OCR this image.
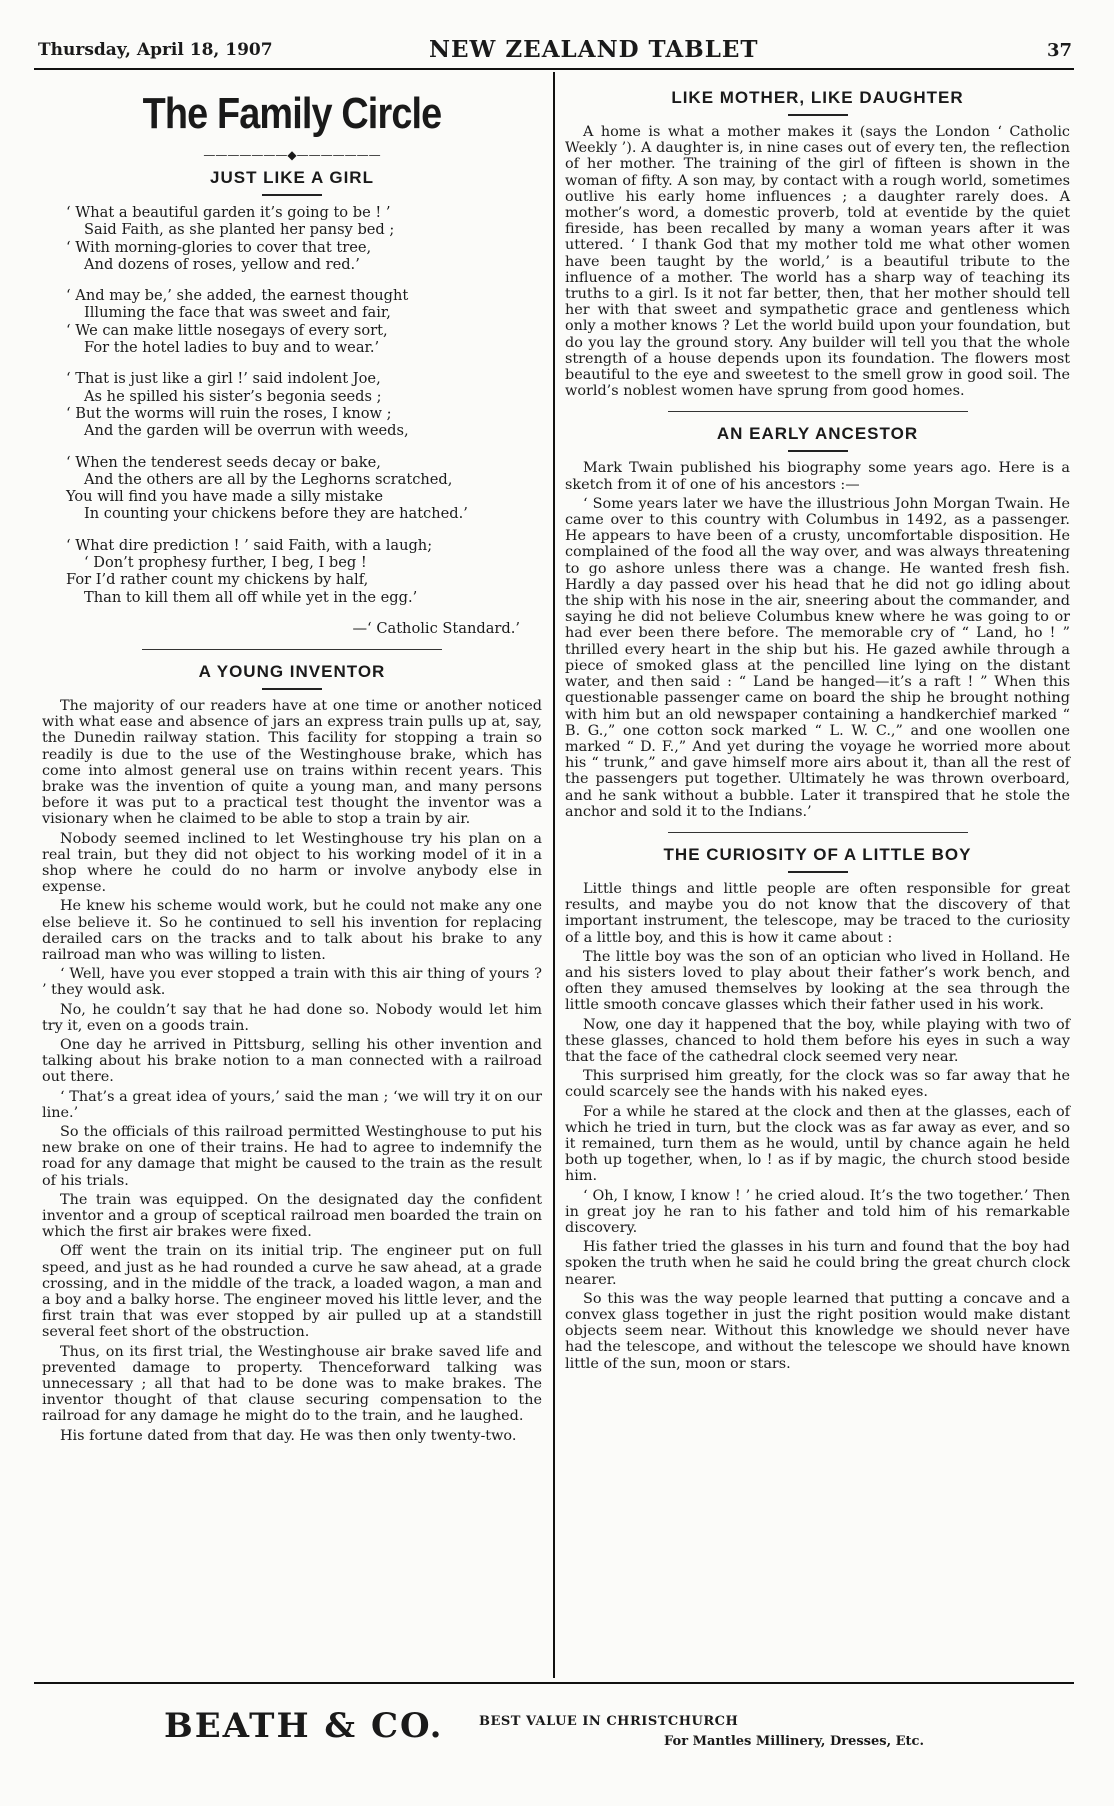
Thursday, April 18, 1907	NEW ZEALAND TABLET	37
The Family Circle
———————◆———————
JUST LIKE A GIRL
‘ What a beautiful garden it’s going to be ! ’
Said Faith, as she planted her pansy bed ;
‘ With morning-glories to cover that tree,
And dozens of roses, yellow and red.’
‘ And may be,’ she added, the earnest thought
Illuming the face that was sweet and fair,
‘ We can make little nosegays of every sort,
For the hotel ladies to buy and to wear.’
‘ That is just like a girl !’ said indolent Joe,
As he spilled his sister’s begonia seeds ;
‘ But the worms will ruin the roses, I know ;
And the garden will be overrun with weeds,
‘ When the tenderest seeds decay or bake,
And the others are all by the Leghorns scratched,
You will find you have made a silly mistake
In counting your chickens before they are hatched.’
‘ What dire prediction ! ’ said Faith, with a laugh;
‘ Don’t prophesy further, I beg, I beg !
For I’d rather count my chickens by half,
Than to kill them all off while yet in the egg.’
—‘ Catholic Standard.’
A YOUNG INVENTOR

The majority of our readers have at one time or another noticed with what ease and absence of jars an express train pulls up at, say, the Dunedin railway station. This facility for stopping a train so readily is due to the use of the Westinghouse brake, which has come into almost general use on trains within recent years. This brake was the invention of quite a young man, and many persons before it was put to a practical test thought the inventor was a visionary when he claimed to be able to stop a train by air.

Nobody seemed inclined to let Westinghouse try his plan on a real train, but they did not object to his working model of it in a shop where he could do no harm or involve anybody else in expense.

He knew his scheme would work, but he could not make any one else believe it. So he continued to sell his invention for replacing derailed cars on the tracks and to talk about his brake to any railroad man who was willing to listen.

‘ Well, have you ever stopped a train with this air thing of yours ? ’ they would ask.

No, he couldn’t say that he had done so. Nobody would let him try it, even on a goods train.

One day he arrived in Pittsburg, selling his other invention and talking about his brake notion to a man connected with a railroad out there.

‘ That’s a great idea of yours,’ said the man ; ‘we will try it on our line.’

So the officials of this railroad permitted Westinghouse to put his new brake on one of their trains. He had to agree to indemnify the road for any damage that might be caused to the train as the result of his trials.

The train was equipped. On the designated day the confident inventor and a group of sceptical railroad men boarded the train on which the first air brakes were fixed.

Off went the train on its initial trip. The engineer put on full speed, and just as he had rounded a curve he saw ahead, at a grade crossing, and in the middle of the track, a loaded wagon, a man and a boy and a balky horse. The engineer moved his little lever, and the first train that was ever stopped by air pulled up at a standstill several feet short of the obstruction.

Thus, on its first trial, the Westinghouse air brake saved life and prevented damage to property. Thenceforward talking was unnecessary ; all that had to be done was to make brakes. The inventor thought of that clause securing compensation to the railroad for any damage he might do to the train, and he laughed.

His fortune dated from that day. He was then only twenty-two.

LIKE MOTHER, LIKE DAUGHTER

A home is what a mother makes it (says the London ‘ Catholic Weekly ’). A daughter is, in nine cases out of every ten, the reflection of her mother. The training of the girl of fifteen is shown in the woman of fifty. A son may, by contact with a rough world, sometimes outlive his early home influences ; a daughter rarely does. A mother’s word, a domestic proverb, told at eventide by the quiet fireside, has been recalled by many a woman years after it was uttered. ‘ I thank God that my mother told me what other women have been taught by the world,’ is a beautiful tribute to the influence of a mother. The world has a sharp way of teaching its truths to a girl. Is it not far better, then, that her mother should tell her with that sweet and sympathetic grace and gentleness which only a mother knows ? Let the world build upon your foundation, but do you lay the ground story. Any builder will tell you that the whole strength of a house depends upon its foundation. The flowers most beautiful to the eye and sweetest to the smell grow in good soil. The world’s noblest women have sprung from good homes.

AN EARLY ANCESTOR

Mark Twain published his biography some years ago. Here is a sketch from it of one of his ancestors :—

‘ Some years later we have the illustrious John Morgan Twain. He came over to this country with Columbus in 1492, as a passenger. He appears to have been of a crusty, uncomfortable disposition. He complained of the food all the way over, and was always threatening to go ashore unless there was a change. He wanted fresh fish. Hardly a day passed over his head that he did not go idling about the ship with his nose in the air, sneering about the commander, and saying he did not believe Columbus knew where he was going to or had ever been there before. The memorable cry of “ Land, ho ! ” thrilled every heart in the ship but his. He gazed awhile through a piece of smoked glass at the pencilled line lying on the distant water, and then said : “ Land be hanged—it’s a raft ! ” When this questionable passenger came on board the ship he brought nothing with him but an old newspaper containing a handkerchief marked “ B. G.,” one cotton sock marked “ L. W. C.,” and one woollen one marked “ D. F.,” And yet during the voyage he worried more about his “ trunk,” and gave himself more airs about it, than all the rest of the passengers put together. Ultimately he was thrown overboard, and he sank without a bubble. Later it transpired that he stole the anchor and sold it to the Indians.’

THE CURIOSITY OF A LITTLE BOY

Little things and little people are often responsible for great results, and maybe you do not know that the discovery of that important instrument, the telescope, may be traced to the curiosity of a little boy, and this is how it came about :

The little boy was the son of an optician who lived in Holland. He and his sisters loved to play about their father’s work bench, and often they amused themselves by looking at the sea through the little smooth concave glasses which their father used in his work.

Now, one day it happened that the boy, while playing with two of these glasses, chanced to hold them before his eyes in such a way that the face of the cathedral clock seemed very near.

This surprised him greatly, for the clock was so far away that he could scarcely see the hands with his naked eyes.

For a while he stared at the clock and then at the glasses, each of which he tried in turn, but the clock was as far away as ever, and so it remained, turn them as he would, until by chance again he held both up together, when, lo ! as if by magic, the church stood beside him.

‘ Oh, I know, I know ! ’ he cried aloud. It’s the two together.’ Then in great joy he ran to his father and told him of his remarkable discovery.

His father tried the glasses in his turn and found that the boy had spoken the truth when he said he could bring the great church clock nearer.

So this was the way people learned that putting a concave and a convex glass together in just the right position would make distant objects seem near. Without this knowledge we should never have had the telescope, and without the telescope we should have known little of the sun, moon or stars.

BEATH & CO.	BEST VALUE IN CHRISTCHURCH
For Mantles Millinery, Dresses, Etc.
